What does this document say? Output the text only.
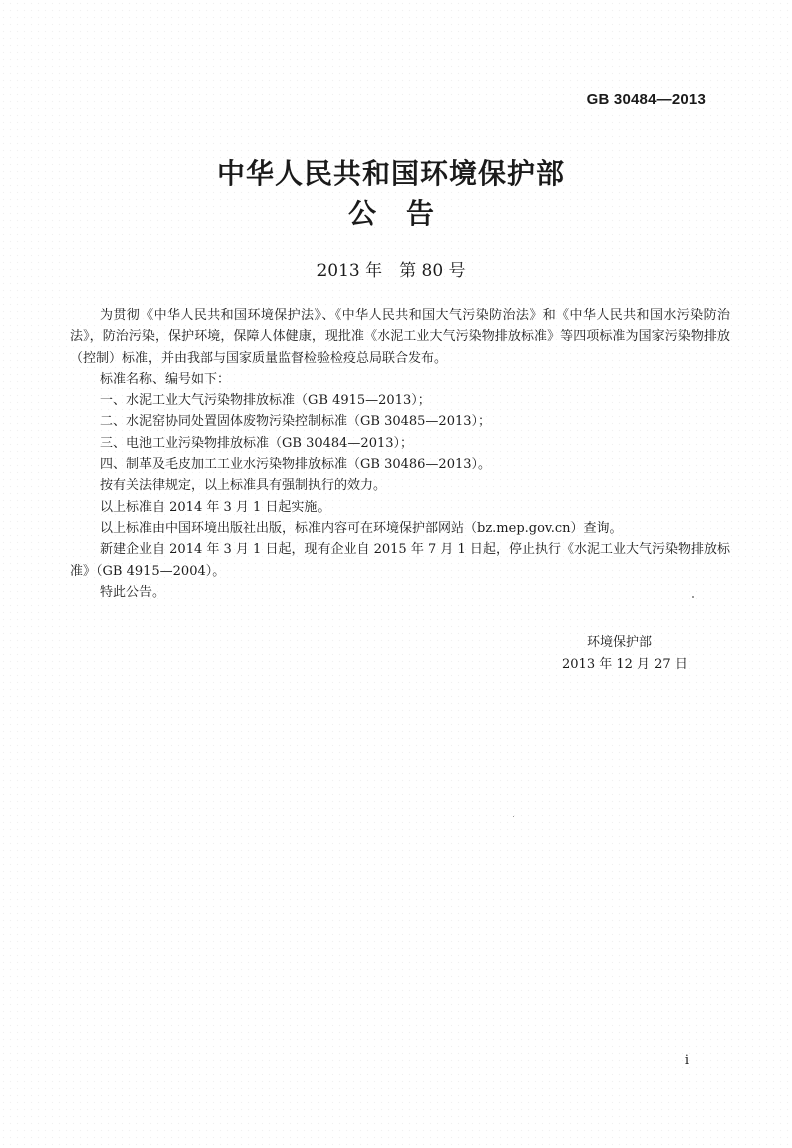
GB 30484—2013
中华人民共和国环境保护部
公告
2013 年　第 80 号

为贯彻《中华人民共和国环境保护法》、《中华人民共和国大气污染防治法》和《中华人民共和国水污染防治法》，防治污染，保护环境，保障人体健康，现批准《水泥工业大气污染物排放标准》等四项标准为国家污染物排放（控制）标准，并由我部与国家质量监督检验检疫总局联合发布。

标准名称、编号如下：

一、水泥工业大气污染物排放标准（GB 4915—2013）；

二、水泥窑协同处置固体废物污染控制标准（GB 30485—2013）；

三、电池工业污染物排放标准（GB 30484—2013）；

四、制革及毛皮加工工业水污染物排放标准（GB 30486—2013）。

按有关法律规定，以上标准具有强制执行的效力。

以上标准自 2014 年 3 月 1 日起实施。

以上标准由中国环境出版社出版，标准内容可在环境保护部网站（bz.mep.gov.cn）查询。

新建企业自 2014 年 3 月 1 日起，现有企业自 2015 年 7 月 1 日起，停止执行《水泥工业大气污染物排放标准》（GB 4915—2004）。

特此公告。

环境保护部
2013 年 12 月 27 日
i
